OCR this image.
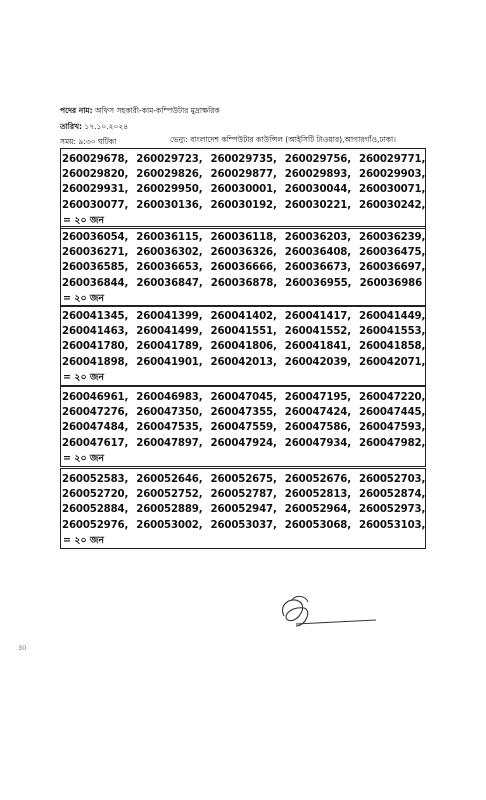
পদের নাম: অফিস সহকারী-কাম-কম্পিউটার মুদ্রাক্ষরিক
তারিখ: ১৭.১০.২০২৪
সময়: ৯:৩০ ঘটিকা	ভেন্যু: বাংলাদেশ কম্পিউটার কাউন্সিল (আইসিটি টাওয়ার),আগারগাঁও,ঢাকা।
260029678, 260029723, 260029735, 260029756, 260029771,
260029820, 260029826, 260029877, 260029893, 260029903,
260029931, 260029950, 260030001, 260030044, 260030071,
260030077, 260030136, 260030192, 260030221, 260030242,
= ২০ জন
260036054, 260036115, 260036118, 260036203, 260036239,
260036271, 260036302, 260036326, 260036408, 260036475,
260036585, 260036653, 260036666, 260036673, 260036697,
260036844, 260036847, 260036878, 260036955, 260036986
= ২০ জন
260041345, 260041399, 260041402, 260041417, 260041449,
260041463, 260041499, 260041551, 260041552, 260041553,
260041780, 260041789, 260041806, 260041841, 260041858,
260041898, 260041901, 260042013, 260042039, 260042071,
= ২০ জন
260046961, 260046983, 260047045, 260047195, 260047220,
260047276, 260047350, 260047355, 260047424, 260047445,
260047484, 260047535, 260047559, 260047586, 260047593,
260047617, 260047897, 260047924, 260047934, 260047982,
= ২০ জন
260052583, 260052646, 260052675, 260052676, 260052703,
260052720, 260052752, 260052787, 260052813, 260052874,
260052884, 260052889, 260052947, 260052964, 260052973,
260052976, 260053002, 260053037, 260053068, 260053103,
= ২০ জন
30
